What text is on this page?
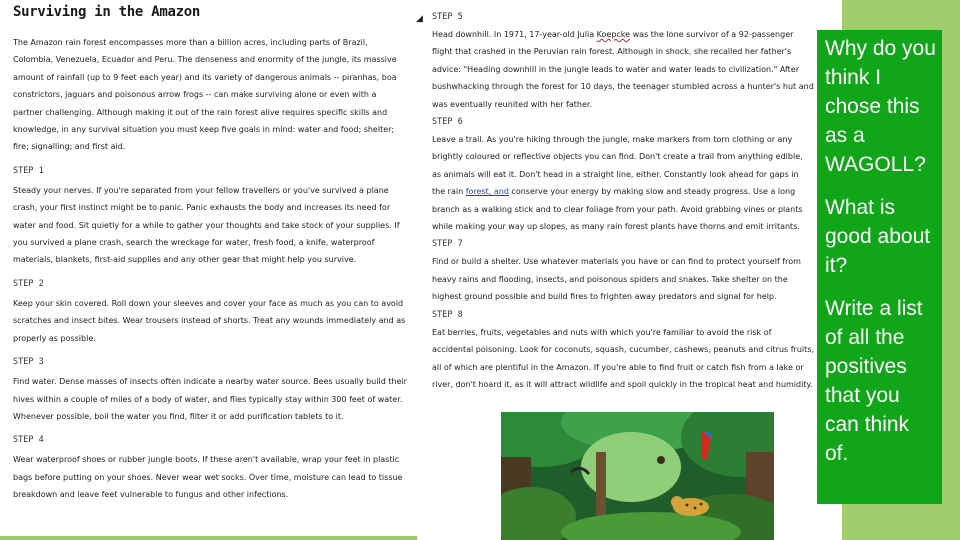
Surviving in the Amazon

The Amazon rain forest encompasses more than a billion acres, including parts of Brazil, Colombia, Venezuela, Ecuador and Peru. The denseness and enormity of the jungle, its massive amount of rainfall (up to 9 feet each year) and its variety of dangerous animals -- piranhas, boa constrictors, jaguars and poisonous arrow frogs -- can make surviving alone or even with a partner challenging. Although making it out of the rain forest alive requires specific skills and knowledge, in any survival situation you must keep five goals in mind: water and food; shelter; fire; signalling; and first aid.

STEP 1

Steady your nerves. If you're separated from your fellow travellers or you've survived a plane crash, your first instinct might be to panic. Panic exhausts the body and increases its need for water and food. Sit quietly for a while to gather your thoughts and take stock of your supplies. If you survived a plane crash, search the wreckage for water, fresh food, a knife, waterproof materials, blankets, first-aid supplies and any other gear that might help you survive.

STEP 2

Keep your skin covered. Roll down your sleeves and cover your face as much as you can to avoid scratches and insect bites. Wear trousers instead of shorts. Treat any wounds immediately and as properly as possible.

STEP 3

Find water. Dense masses of insects often indicate a nearby water source. Bees usually build their hives within a couple of miles of a body of water, and flies typically stay within 300 feet of water. Whenever possible, boil the water you find, filter it or add purification tablets to it.

STEP 4

Wear waterproof shoes or rubber jungle boots. If these aren't available, wrap your feet in plastic bags before putting on your shoes. Never wear wet socks. Over time, moisture can lead to tissue breakdown and leave feet vulnerable to fungus and other infections.

◢ STEP 5

Head downhill. In 1971, 17-year-old Julia Koepcke was the lone survivor of a 92-passenger flight that crashed in the Peruvian rain forest. Although in shock, she recalled her father's advice: "Heading downhill in the jungle leads to water and water leads to civilization." After bushwhacking through the forest for 10 days, the teenager stumbled across a hunter's hut and was eventually reunited with her father.

STEP 6

Leave a trail. As you're hiking through the jungle, make markers from torn clothing or any brightly coloured or reflective objects you can find. Don't create a trail from anything edible, as animals will eat it. Don't head in a straight line, either. Constantly look ahead for gaps in the rain forest, and conserve your energy by making slow and steady progress. Use a long branch as a walking stick and to clear foliage from your path. Avoid grabbing vines or plants while making your way up slopes, as many rain forest plants have thorns and emit irritants.

STEP 7

Find or build a shelter. Use whatever materials you have or can find to protect yourself from heavy rains and flooding, insects, and poisonous spiders and snakes. Take shelter on the highest ground possible and build fires to frighten away predators and signal for help.

STEP 8

Eat berries, fruits, vegetables and nuts with which you're familiar to avoid the risk of accidental poisoning. Look for coconuts, squash, cucumber, cashews, peanuts and citrus fruits, all of which are plentiful in the Amazon. If you're able to find fruit or catch fish from a lake or river, don't hoard it, as it will attract wildlife and spoil quickly in the tropical heat and humidity.

Why do you think I chose this as a WAGOLL?
What is good about it?
Write a list of all the positives that you can think of.
